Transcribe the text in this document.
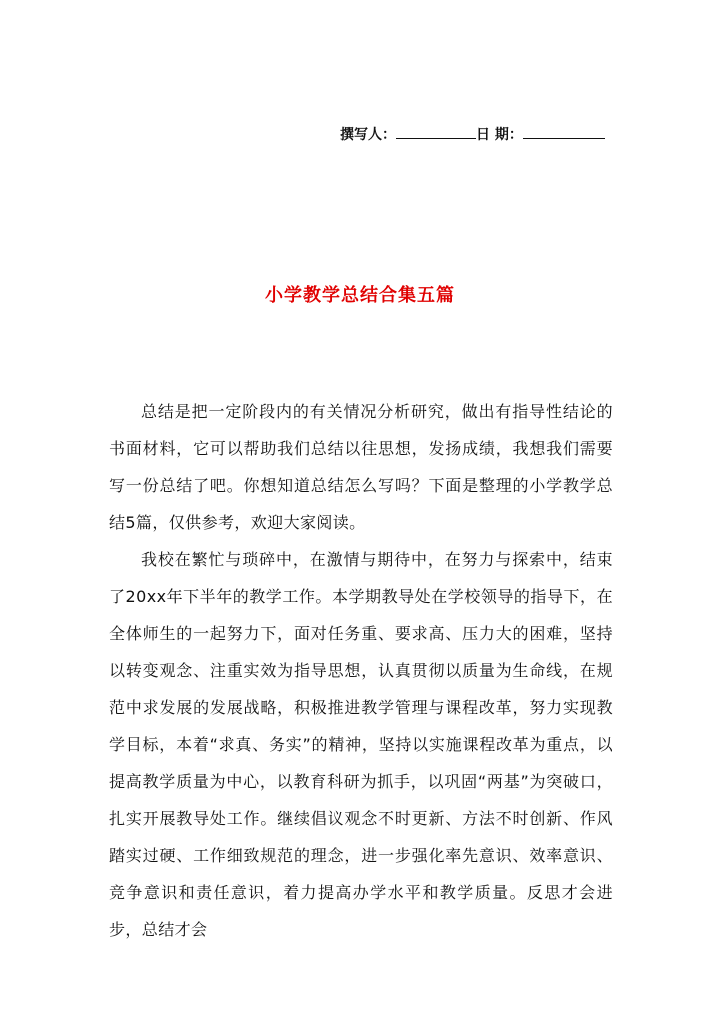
撰写人：	日 期：
小学教学总结合集五篇

总结是把一定阶段内的有关情况分析研究，做出有指导性结论的书面材料，它可以帮助我们总结以往思想，发扬成绩，我想我们需要写一份总结了吧。你想知道总结怎么写吗？下面是整理的小学教学总结5篇，仅供参考，欢迎大家阅读。

我校在繁忙与琐碎中，在激情与期待中，在努力与探索中，结束了20xx年下半年的教学工作。本学期教导处在学校领导的指导下，在全体师生的一起努力下，面对任务重、要求高、压力大的困难，坚持以转变观念、注重实效为指导思想，认真贯彻以质量为生命线，在规范中求发展的发展战略，积极推进教学管理与课程改革，努力实现教学目标，本着“求真、务实”的精神，坚持以实施课程改革为重点，以提高教学质量为中心，以教育科研为抓手，以巩固“两基”为突破口，扎实开展教导处工作。继续倡议观念不时更新、方法不时创新、作风踏实过硬、工作细致规范的理念，进一步强化率先意识、效率意识、竞争意识和责任意识，着力提高办学水平和教学质量。反思才会进步，总结才会
